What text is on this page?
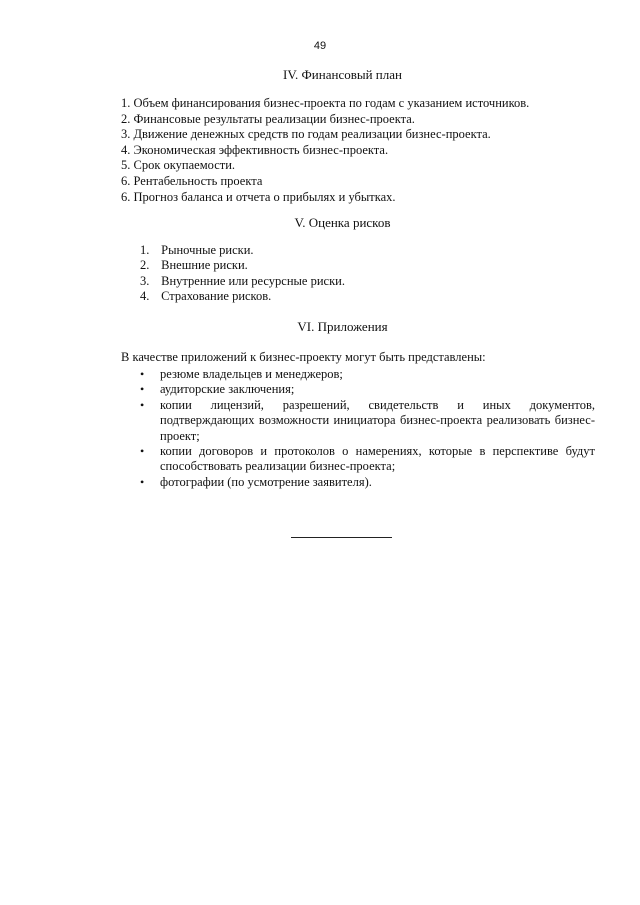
49
IV. Финансовый план
1. Объем финансирования бизнес-проекта по годам с указанием источников.
2. Финансовые результаты реализации бизнес-проекта.
3. Движение денежных средств по годам реализации бизнес-проекта.
4. Экономическая эффективность бизнес-проекта.
5. Срок окупаемости.
6. Рентабельность проекта
6. Прогноз баланса и отчета о прибылях и убытках.
V. Оценка рисков
1. Рыночные риски.
2. Внешние риски.
3. Внутренние или ресурсные риски.
4. Страхование рисков.
VI. Приложения
В качестве приложений к бизнес-проекту могут быть представлены:
• резюме владельцев и менеджеров;
• аудиторские заключения;
• копии лицензий, разрешений, свидетельств и иных документов, подтверждающих возможности инициатора бизнес-проекта реализовать бизнес-проект;
• копии договоров и протоколов о намерениях, которые в перспективе будут способствовать реализации бизнес-проекта;
• фотографии (по усмотрение заявителя).
